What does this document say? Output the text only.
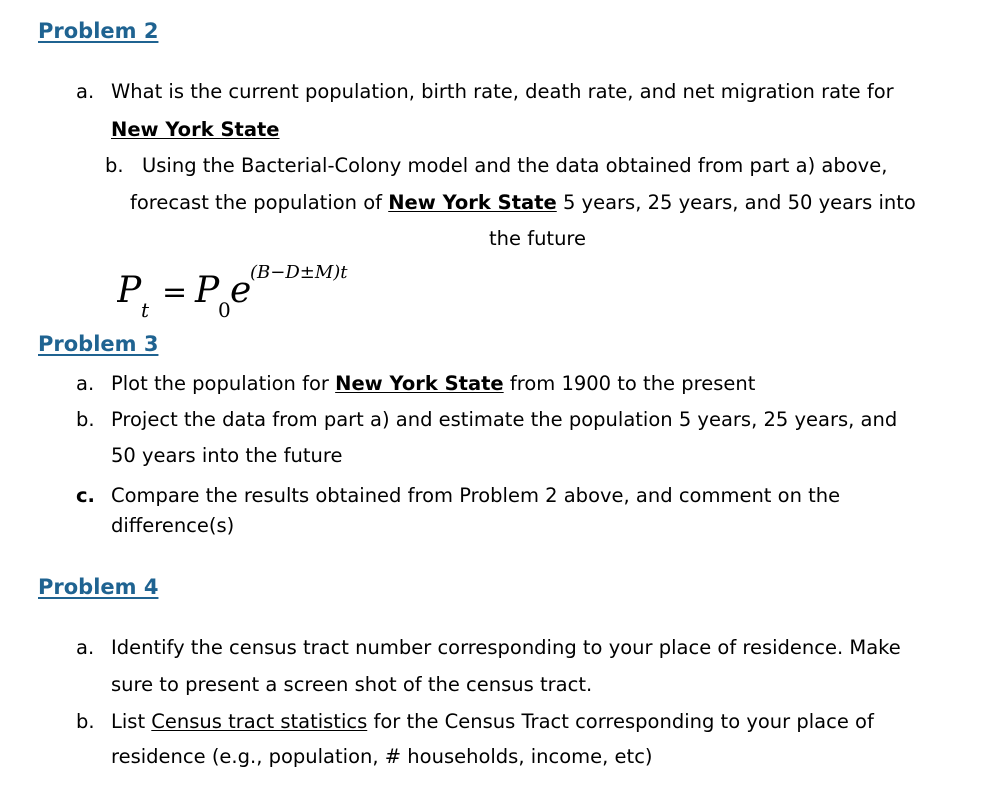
Problem 2
a. What is the current population, birth rate, death rate, and net migration rate for
New York State
b. Using the Bacterial-Colony model and the data obtained from part a) above,
forecast the population of New York State 5 years, 25 years, and 50 years into
the future
P t = P
0 e
(B−D±M)t
Problem 3
a. Plot the population for New York State from 1900 to the present
b. Project the data from part a) and estimate the population 5 years, 25 years, and
50 years into the future
c. Compare the results obtained from Problem 2 above, and comment on the
difference(s)
Problem 4
a. Identify the census tract number corresponding to your place of residence. Make
sure to present a screen shot of the census tract.
b. List Census tract statistics for the Census Tract corresponding to your place of
residence (e.g., population, # households, income, etc)
